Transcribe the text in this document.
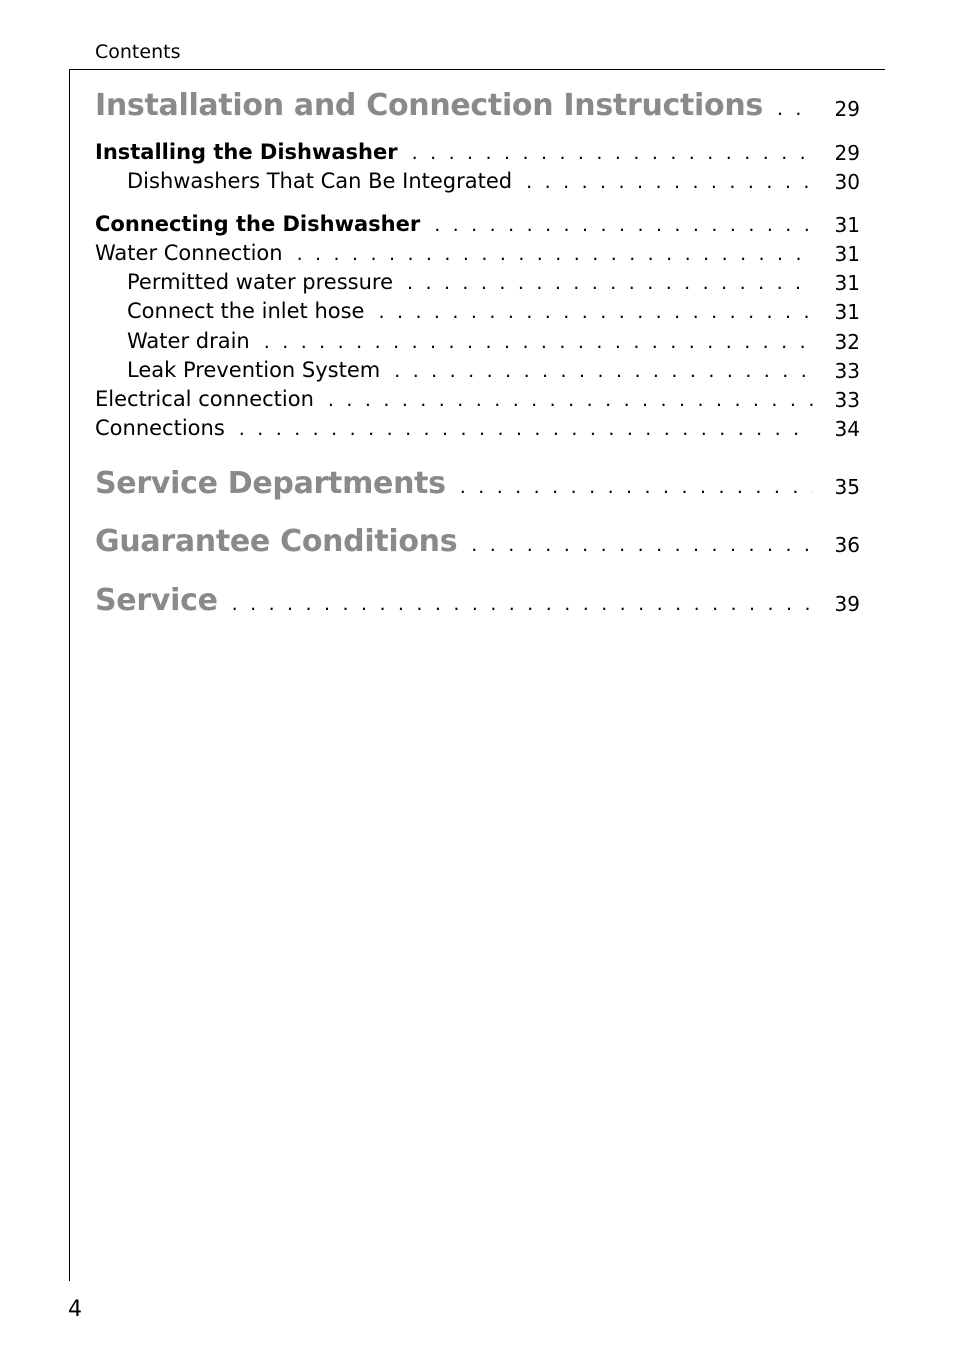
Contents
Installation and Connection Instructions . . .	29
Installing the Dishwasher . . .	29
Dishwashers That Can Be Integrated . . .	30
Connecting the Dishwasher . . .	31
Water Connection . . .	31
Permitted water pressure . . .	31
Connect the inlet hose . . .	31
Water drain . . .	32
Leak Prevention System . . .	33
Electrical connection . . .	33
Connections . . .	34
Service Departments . . .	35
Guarantee Conditions . . .	36
Service . . .	39
4
